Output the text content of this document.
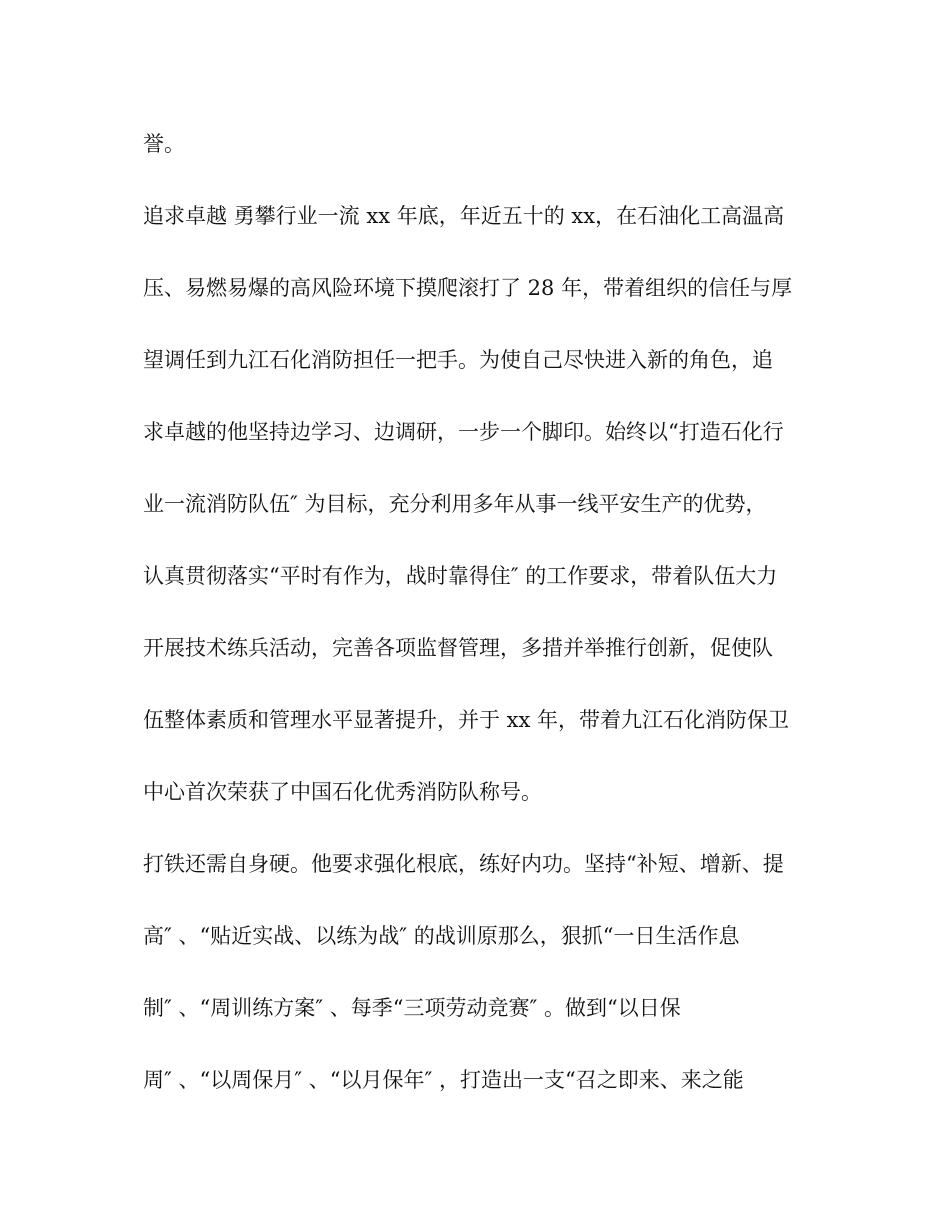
誉。
追求卓越 勇攀行业一流 xx 年底，年近五十的 xx，在石油化工高温高
压、易燃易爆的高风险环境下摸爬滚打了 28 年，带着组织的信任与厚
望调任到九江石化消防担任一把手。为使自己尽快进入新的角色，追
求卓越的他坚持边学习、边调研，一步一个脚印。始终以“打造石化行
业一流消防队伍″ 为目标，充分利用多年从事一线平安生产的优势，
认真贯彻落实“平时有作为，战时靠得住″ 的工作要求，带着队伍大力
开展技术练兵活动，完善各项监督管理，多措并举推行创新，促使队
伍整体素质和管理水平显著提升，并于 xx 年，带着九江石化消防保卫
中心首次荣获了中国石化优秀消防队称号。
打铁还需自身硬。他要求强化根底，练好内功。坚持“补短、增新、提
高″ 、“贴近实战、以练为战″ 的战训原那么，狠抓“一日生活作息
制″ 、“周训练方案″ 、每季“三项劳动竞赛″ 。做到“以日保
周″ 、“以周保月″ 、“以月保年″ ，打造出一支“召之即来、来之能
